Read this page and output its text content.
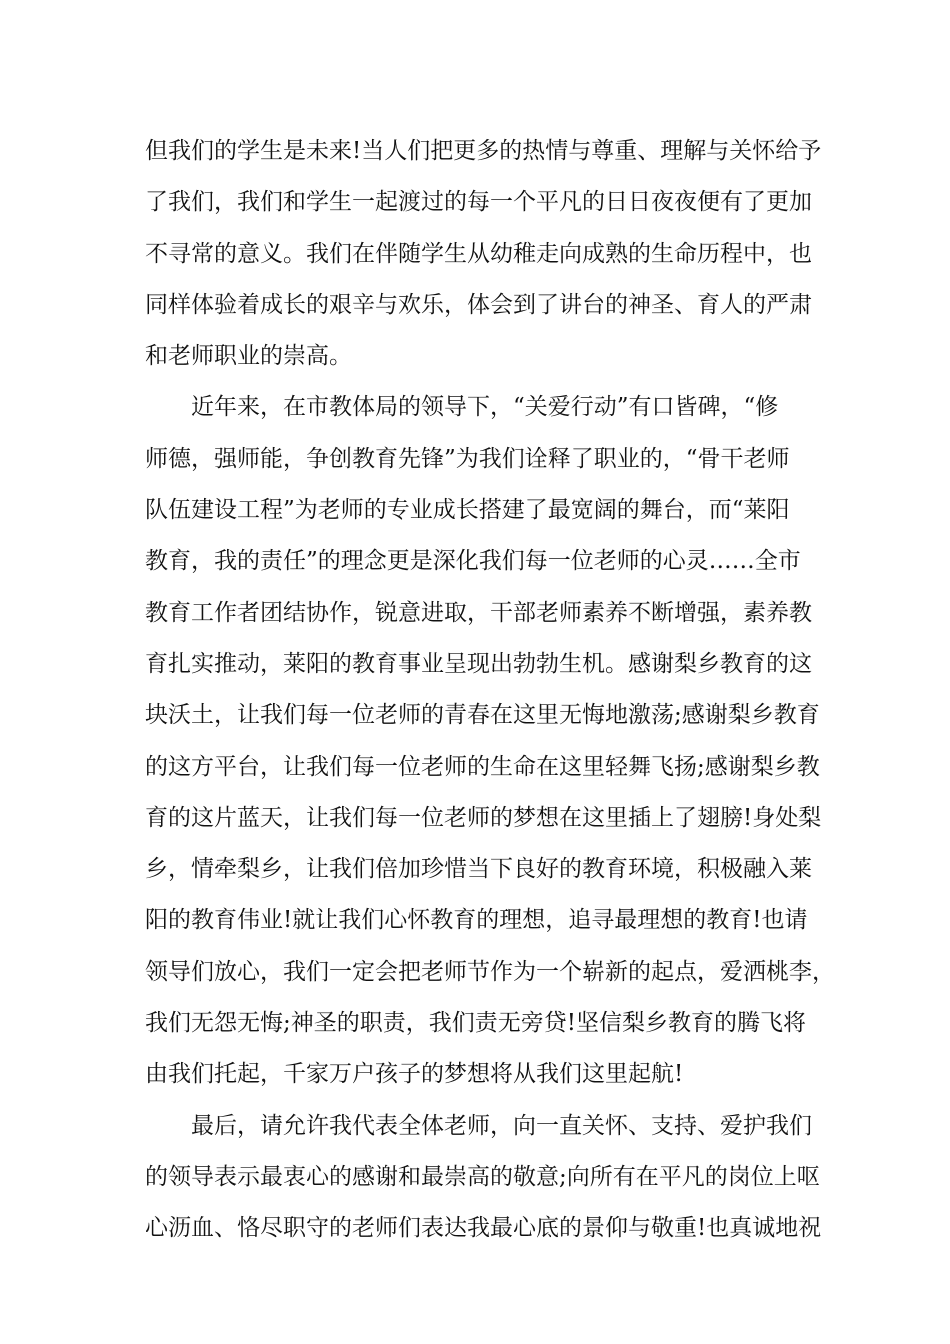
但我们的学生是未来!当人们把更多的热情与尊重、理解与关怀给予
了我们，我们和学生一起渡过的每一个平凡的日日夜夜便有了更加
不寻常的意义。我们在伴随学生从幼稚走向成熟的生命历程中，也
同样体验着成长的艰辛与欢乐，体会到了讲台的神圣、育人的严肃
和老师职业的崇高。
近年来，在市教体局的领导下，“关爱行动”有口皆碑，“修
师德，强师能，争创教育先锋”为我们诠释了职业的，“骨干老师
队伍建设工程”为老师的专业成长搭建了最宽阔的舞台，而“莱阳
教育，我的责任”的理念更是深化我们每一位老师的心灵……全市
教育工作者团结协作，锐意进取，干部老师素养不断增强，素养教
育扎实推动，莱阳的教育事业呈现出勃勃生机。感谢梨乡教育的这
块沃土，让我们每一位老师的青春在这里无悔地激荡;感谢梨乡教育
的这方平台，让我们每一位老师的生命在这里轻舞飞扬;感谢梨乡教
育的这片蓝天，让我们每一位老师的梦想在这里插上了翅膀!身处梨
乡，情牵梨乡，让我们倍加珍惜当下良好的教育环境，积极融入莱
阳的教育伟业!就让我们心怀教育的理想，追寻最理想的教育!也请
领导们放心，我们一定会把老师节作为一个崭新的起点，爱洒桃李，
我们无怨无悔;神圣的职责，我们责无旁贷!坚信梨乡教育的腾飞将
由我们托起，千家万户孩子的梦想将从我们这里起航!
最后，请允许我代表全体老师，向一直关怀、支持、爱护我们
的领导表示最衷心的感谢和最崇高的敬意;向所有在平凡的岗位上呕
心沥血、恪尽职守的老师们表达我最心底的景仰与敬重!也真诚地祝
